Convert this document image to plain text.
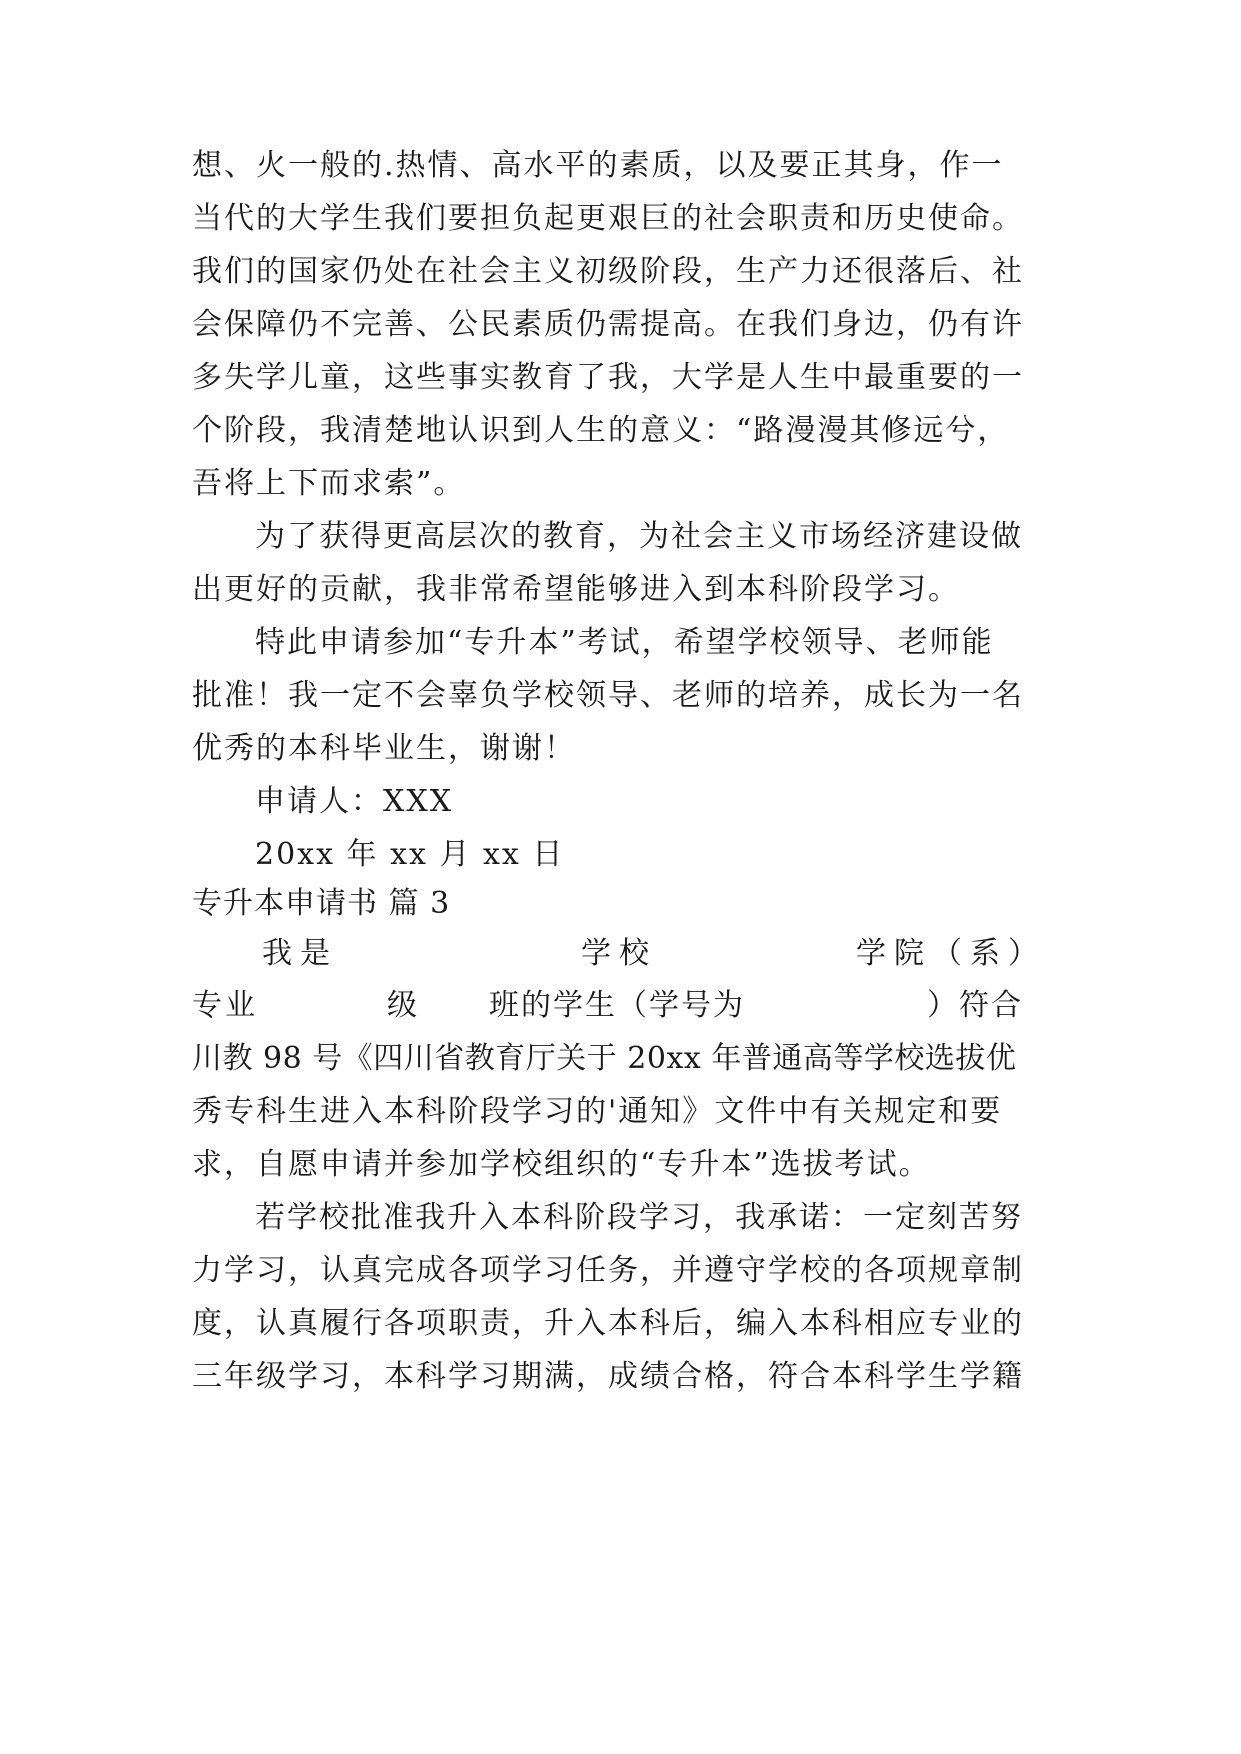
想、火一般的.热情、高水平的素质，以及要正其身，作一
当代的大学生我们要担负起更艰巨的社会职责和历史使命。
我们的国家仍处在社会主义初级阶段，生产力还很落后、社
会保障仍不完善、公民素质仍需提高。在我们身边，仍有许
多失学儿童，这些事实教育了我，大学是人生中最重要的一
个阶段，我清楚地认识到人生的意义：“路漫漫其修远兮，
吾将上下而求索”。
为了获得更高层次的教育，为社会主义市场经济建设做
出更好的贡献，我非常希望能够进入到本科阶段学习。
特此申请参加“专升本”考试，希望学校领导、老师能
批准！我一定不会辜负学校领导、老师的培养，成长为一名
优秀的本科毕业生，谢谢！
申请人：XXX
20xx 年 xx 月 xx 日
专升本申请书 篇 3
我是	学校	学院（系）
专业	级 班的学生（学号为	）符合
川教 98 号《四川省教育厅关于 20xx 年普通高等学校选拔优
秀专科生进入本科阶段学习的'通知》文件中有关规定和要
求，自愿申请并参加学校组织的“专升本”选拔考试。
若学校批准我升入本科阶段学习，我承诺：一定刻苦努
力学习，认真完成各项学习任务，并遵守学校的各项规章制
度，认真履行各项职责，升入本科后，编入本科相应专业的
三年级学习，本科学习期满，成绩合格，符合本科学生学籍
